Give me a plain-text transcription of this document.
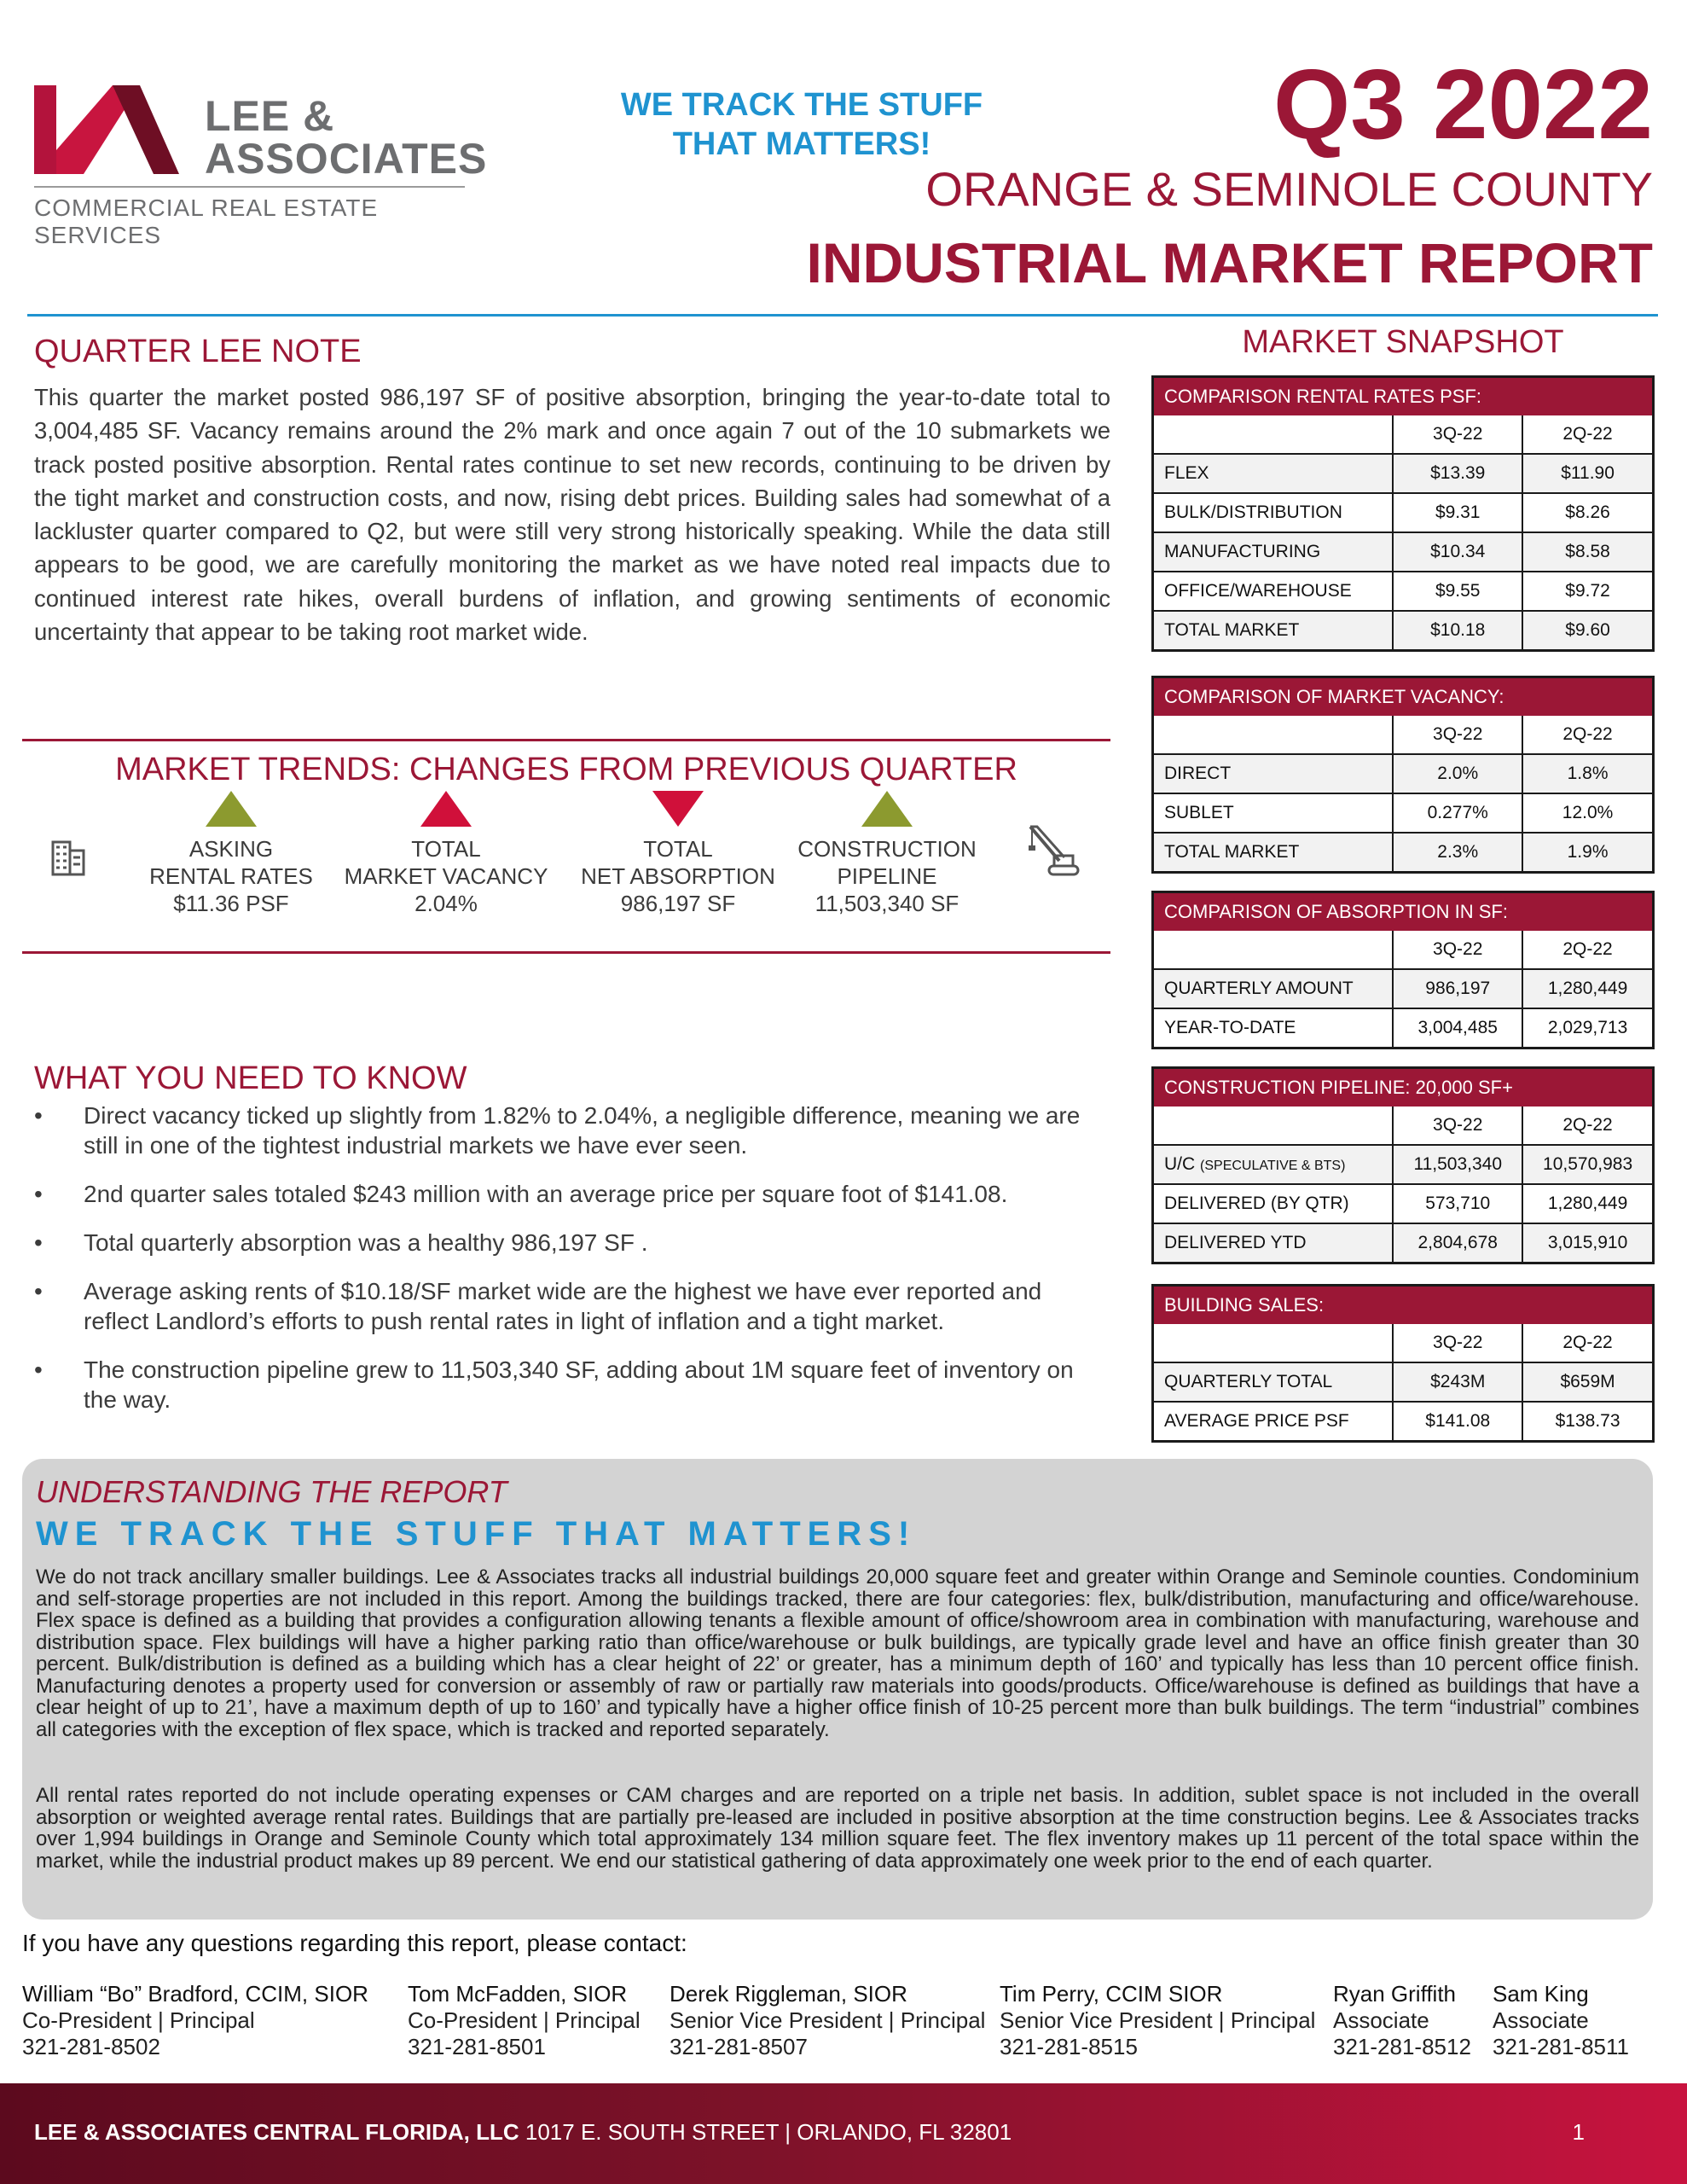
LEE &
ASSOCIATES
COMMERCIAL REAL ESTATE SERVICES
WE TRACK THE STUFF
THAT MATTERS!	Q3 2022
ORANGE & SEMINOLE COUNTY
INDUSTRIAL MARKET REPORT
QUARTER LEE NOTE
This quarter the market posted 986,197 SF of positive absorption, bringing the year-to-date total to 3,004,485 SF. Vacancy remains around the 2% mark and once again 7 out of the 10 submarkets we track posted positive absorption. Rental rates continue to set new records, continuing to be driven by the tight market and construction costs, and now, rising debt prices. Building sales had somewhat of a lackluster quarter compared to Q2, but were still very strong historically speaking. While the data still appears to be good, we are carefully monitoring the market as we have noted real impacts due to continued interest rate hikes, overall burdens of inflation, and growing sentiments of economic uncertainty that appear to be taking root market wide.
MARKET TRENDS: CHANGES FROM PREVIOUS QUARTER
ASKING
RENTAL RATES
$11.36 PSF
TOTAL
MARKET VACANCY
2.04%
TOTAL
NET ABSORPTION
986,197 SF
CONSTRUCTION
PIPELINE
11,503,340 SF
WHAT YOU NEED TO KNOW
• Direct vacancy ticked up slightly from 1.82% to 2.04%, a negligible difference, meaning we are still in one of the tightest industrial markets we have ever seen.
• 2nd quarter sales totaled $243 million with an average price per square foot of $141.08.
• Total quarterly absorption was a healthy 986,197 SF .
• Average asking rents of $10.18/SF market wide are the highest we have ever reported and reflect Landlord’s efforts to push rental rates in light of inflation and a tight market.
• The construction pipeline grew to 11,503,340 SF, adding about 1M square feet of inventory on the way.
MARKET SNAPSHOT
COMPARISON RENTAL RATES PSF:
	3Q-22	2Q-22
FLEX	$13.39	$11.90
BULK/DISTRIBUTION	$9.31	$8.26
MANUFACTURING	$10.34	$8.58
OFFICE/WAREHOUSE	$9.55	$9.72
TOTAL MARKET	$10.18	$9.60
COMPARISON OF MARKET VACANCY:
	3Q-22	2Q-22
DIRECT	2.0%	1.8%
SUBLET	0.277%	12.0%
TOTAL MARKET	2.3%	1.9%
COMPARISON OF ABSORPTION IN SF:
	3Q-22	2Q-22
QUARTERLY AMOUNT	986,197	1,280,449
YEAR-TO-DATE	3,004,485	2,029,713
CONSTRUCTION PIPELINE: 20,000 SF+
	3Q-22	2Q-22
U/C (SPECULATIVE & BTS)	11,503,340	10,570,983
DELIVERED (BY QTR)	573,710	1,280,449
DELIVERED YTD	2,804,678	3,015,910
BUILDING SALES:
	3Q-22	2Q-22
QUARTERLY TOTAL	$243M	$659M
AVERAGE PRICE PSF	$141.08	$138.73
UNDERSTANDING THE REPORT
WE TRACK THE STUFF THAT MATTERS!
We do not track ancillary smaller buildings. Lee & Associates tracks all industrial buildings 20,000 square feet and greater within Orange and Seminole counties. Condominium and self-storage properties are not included in this report. Among the buildings tracked, there are four categories: flex, bulk/distribution, manufacturing and office/warehouse. Flex space is defined as a building that provides a configuration allowing tenants a flexible amount of office/showroom area in combination with manufacturing, warehouse and distribution space. Flex buildings will have a higher parking ratio than office/warehouse or bulk buildings, are typically grade level and have an office finish greater than 30 percent. Bulk/distribution is defined as a building which has a clear height of 22’ or greater, has a minimum depth of 160’ and typically has less than 10 percent office finish. Manufacturing denotes a property used for conversion or assembly of raw or partially raw materials into goods/products. Office/warehouse is defined as buildings that have a clear height of up to 21’, have a maximum depth of up to 160’ and typically have a higher office finish of 10-25 percent more than bulk buildings. The term “industrial” combines all categories with the exception of flex space, which is tracked and reported separately.
All rental rates reported do not include operating expenses or CAM charges and are reported on a triple net basis. In addition, sublet space is not included in the overall absorption or weighted average rental rates. Buildings that are partially pre-leased are included in positive absorption at the time construction begins. Lee & Associates tracks over 1,994 buildings in Orange and Seminole County which total approximately 134 million square feet. The flex inventory makes up 11 percent of the total space within the market, while the industrial product makes up 89 percent. We end our statistical gathering of data approximately one week prior to the end of each quarter.
If you have any questions regarding this report, please contact:
William “Bo” Bradford, CCIM, SIOR
Co-President | Principal
321-281-8502
Tom McFadden, SIOR
Co-President | Principal
321-281-8501
Derek Riggleman, SIOR
Senior Vice President | Principal
321-281-8507
Tim Perry, CCIM SIOR
Senior Vice President | Principal
321-281-8515
Ryan Griffith
Associate
321-281-8512
Sam King
Associate
321-281-8511
LEE & ASSOCIATES CENTRAL FLORIDA, LLC 1017 E. SOUTH STREET | ORLANDO, FL 32801	1
